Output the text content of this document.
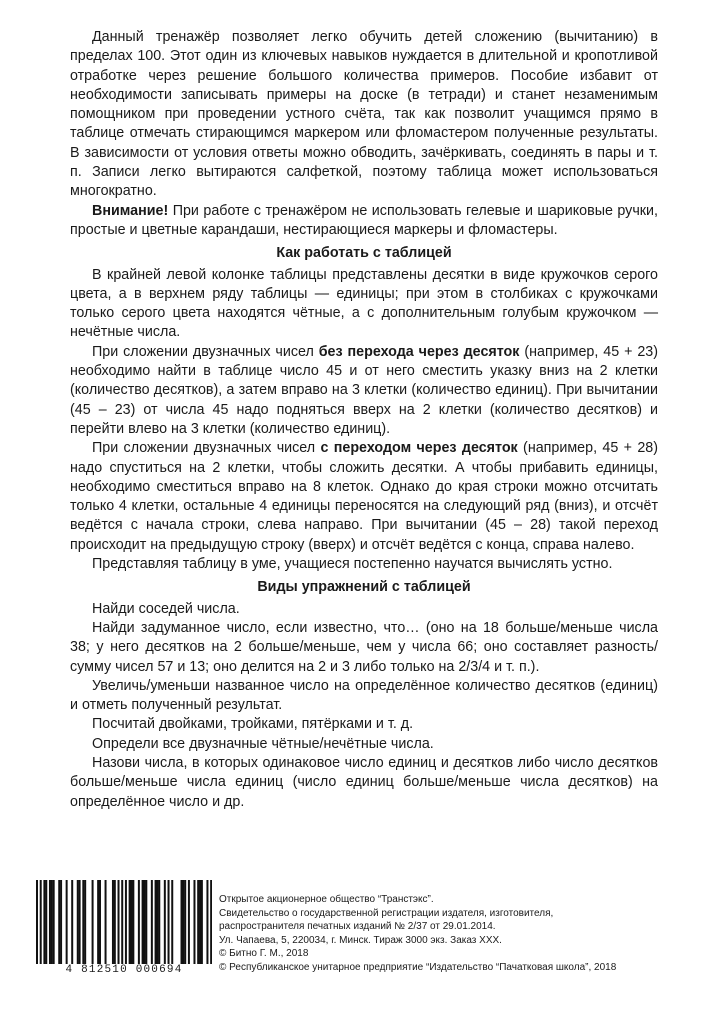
Данный тренажёр позволяет легко обучить детей сложению (вычитанию) в пределах 100. Этот один из ключевых навыков нуждается в длительной и кропотливой отработке через решение большого количества примеров. Пособие избавит от необходимости записывать примеры на доске (в тетради) и станет незаменимым помощником при проведении устного счёта, так как позволит учащимся прямо в таблице отмечать стирающимся маркером или фломастером полученные результаты. В зависимости от условия ответы можно обводить, зачёркивать, соединять в пары и т. п. Записи легко вытираются салфеткой, поэтому таблица может использоваться многократно.

Внимание! При работе с тренажёром не использовать гелевые и шариковые ручки, простые и цветные карандаши, нестирающиеся маркеры и фломастеры.

Как работать с таблицей

В крайней левой колонке таблицы представлены десятки в виде кружочков серого цвета, а в верхнем ряду таблицы — единицы; при этом в столбиках с кружочками только серого цвета находятся чётные, а с дополнительным голубым кружочком — нечётные числа.

При сложении двузначных чисел без перехода через десяток (например, 45 + 23) необходимо найти в таблице число 45 и от него сместить указку вниз на 2 клетки (количество десятков), а затем вправо на 3 клетки (количество единиц). При вычитании (45 – 23) от числа 45 надо подняться вверх на 2 клетки (количество десятков) и перейти влево на 3 клетки (количество единиц).

При сложении двузначных чисел с переходом через десяток (например, 45 + 28) надо спуститься на 2 клетки, чтобы сложить десятки. А чтобы прибавить единицы, необходимо сместиться вправо на 8 клеток. Однако до края строки можно отсчитать только 4 клетки, остальные 4 единицы переносятся на следующий ряд (вниз), и отсчёт ведётся с начала строки, слева направо. При вычитании (45 – 28) такой переход происходит на предыдущую строку (вверх) и отсчёт ведётся с конца, справа налево.

Представляя таблицу в уме, учащиеся постепенно научатся вычислять устно.

Виды упражнений с таблицей

Найди соседей числа.

Найди задуманное число, если известно, что… (оно на 18 больше/меньше числа 38; у него десятков на 2 больше/меньше, чем у числа 66; оно составляет разность/сумму чисел 57 и 13; оно делится на 2 и 3 либо только на 2/3/4 и т. п.).

Увеличь/уменьши названное число на определённое количество десятков (единиц) и отметь полученный результат.

Посчитай двойками, тройками, пятёрками и т. д.

Определи все двузначные чётные/нечётные числа.

Назови числа, в которых одинаковое число единиц и десятков либо число десятков больше/меньше числа единиц (число единиц больше/меньше числа десятков) на определённое число и др.

4 812510 000694
Открытое акционерное общество “Транстэкс”.
Свидетельство о государственной регистрации издателя, изготовителя,
распространителя печатных изданий № 2/37 от 29.01.2014.
Ул. Чапаева, 5, 220034, г. Минск. Тираж 3000 экз. Заказ XXX.
© Битно Г. М., 2018
© Республиканское унитарное предприятие “Издательство “Пачатковая школа”, 2018
